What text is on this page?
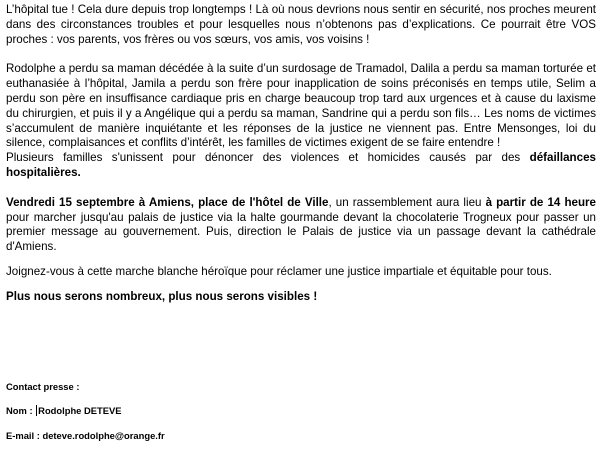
L’hôpital tue ! Cela dure depuis trop longtemps ! Là où nous devrions nous sentir en sécurité, nos proches meurent dans des circonstances troubles et pour lesquelles nous n’obtenons pas d’explications. Ce pourrait être VOS proches : vos parents, vos frères ou vos sœurs, vos amis, vos voisins !

Rodolphe a perdu sa maman décédée à la suite d’un surdosage de Tramadol, Dalila a perdu sa maman torturée et euthanasiée à l’hôpital, Jamila a perdu son frère pour inapplication de soins préconisés en temps utile, Selim a perdu son père en insuffisance cardiaque pris en charge beaucoup trop tard aux urgences et à cause du laxisme du chirurgien, et puis il y a Angélique qui a perdu sa maman, Sandrine qui a perdu son fils… Les noms de victimes s’accumulent de manière inquiétante et les réponses de la justice ne viennent pas. Entre Mensonges, loi du silence, complaisances et conflits d’intérêt, les familles de victimes exigent de se faire entendre !

Plusieurs familles s'unissent pour dénoncer des violences et homicides causés par des défaillances hospitalières.

Vendredi 15 septembre à Amiens, place de l'hôtel de Ville, un rassemblement aura lieu à partir de 14 heure pour marcher jusqu'au palais de justice via la halte gourmande devant la chocolaterie Trogneux pour passer un premier message au gouvernement. Puis, direction le Palais de justice via un passage devant la cathédrale d'Amiens.

Joignez-vous à cette marche blanche héroïque pour réclamer une justice impartiale et équitable pour tous.

Plus nous serons nombreux, plus nous serons visibles !

Contact presse :

Nom : Rodolphe DETEVE

E-mail : deteve.rodolphe@orange.fr
